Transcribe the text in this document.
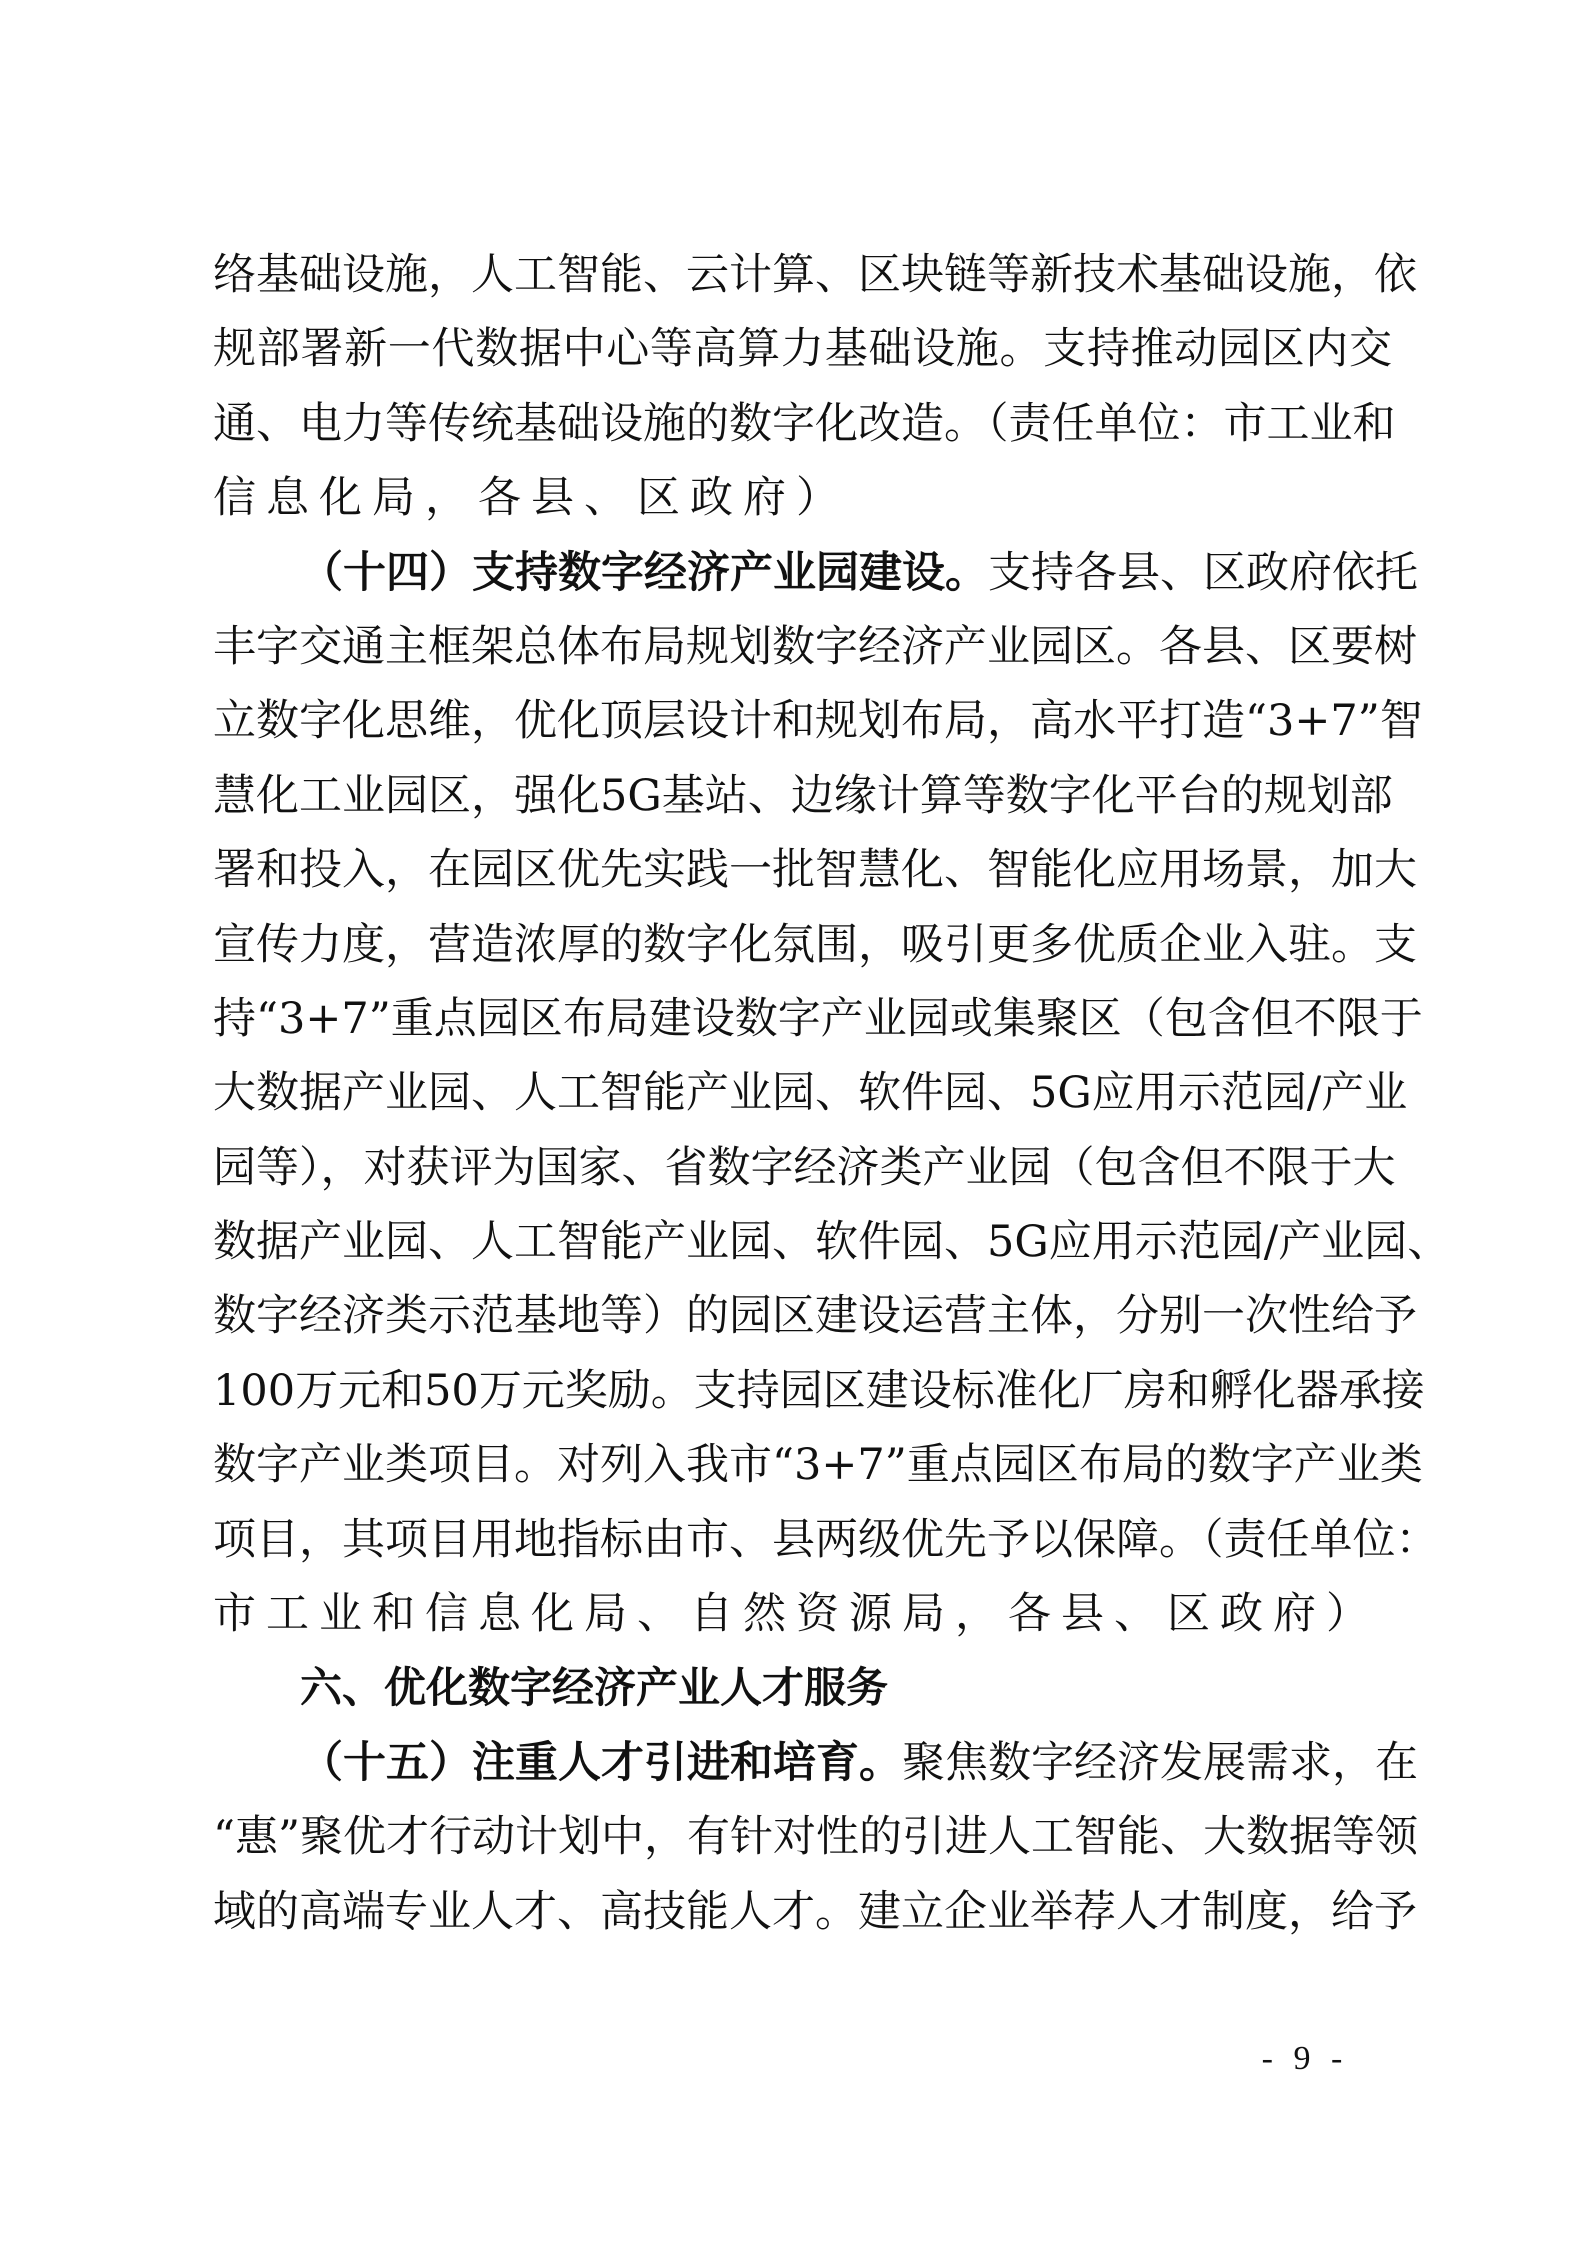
络基础设施，人工智能、云计算、区块链等新技术基础设施，依
规部署新一代数据中心等高算力基础设施。支持推动园区内交
通、电力等传统基础设施的数字化改造。（责任单位：市工业和
信息化局，各县、区政府）
（十四）支持数字经济产业园建设。支持各县、区政府依托
丰字交通主框架总体布局规划数字经济产业园区。各县、区要树
立数字化思维，优化顶层设计和规划布局，高水平打造“3+7”智
慧化工业园区，强化5G基站、边缘计算等数字化平台的规划部
署和投入，在园区优先实践一批智慧化、智能化应用场景，加大
宣传力度，营造浓厚的数字化氛围，吸引更多优质企业入驻。支
持“3+7”重点园区布局建设数字产业园或集聚区（包含但不限于
大数据产业园、人工智能产业园、软件园、5G应用示范园/产业
园等），对获评为国家、省数字经济类产业园（包含但不限于大
数据产业园、人工智能产业园、软件园、5G应用示范园/产业园、
数字经济类示范基地等）的园区建设运营主体，分别一次性给予
100万元和50万元奖励。支持园区建设标准化厂房和孵化器承接
数字产业类项目。对列入我市“3+7”重点园区布局的数字产业类
项目，其项目用地指标由市、县两级优先予以保障。（责任单位：
市工业和信息化局、自然资源局，各县、区政府）
六、优化数字经济产业人才服务
（十五）注重人才引进和培育。聚焦数字经济发展需求，在
“惠”聚优才行动计划中，有针对性的引进人工智能、大数据等领
域的高端专业人才、高技能人才。建立企业举荐人才制度，给予
- 9 -
